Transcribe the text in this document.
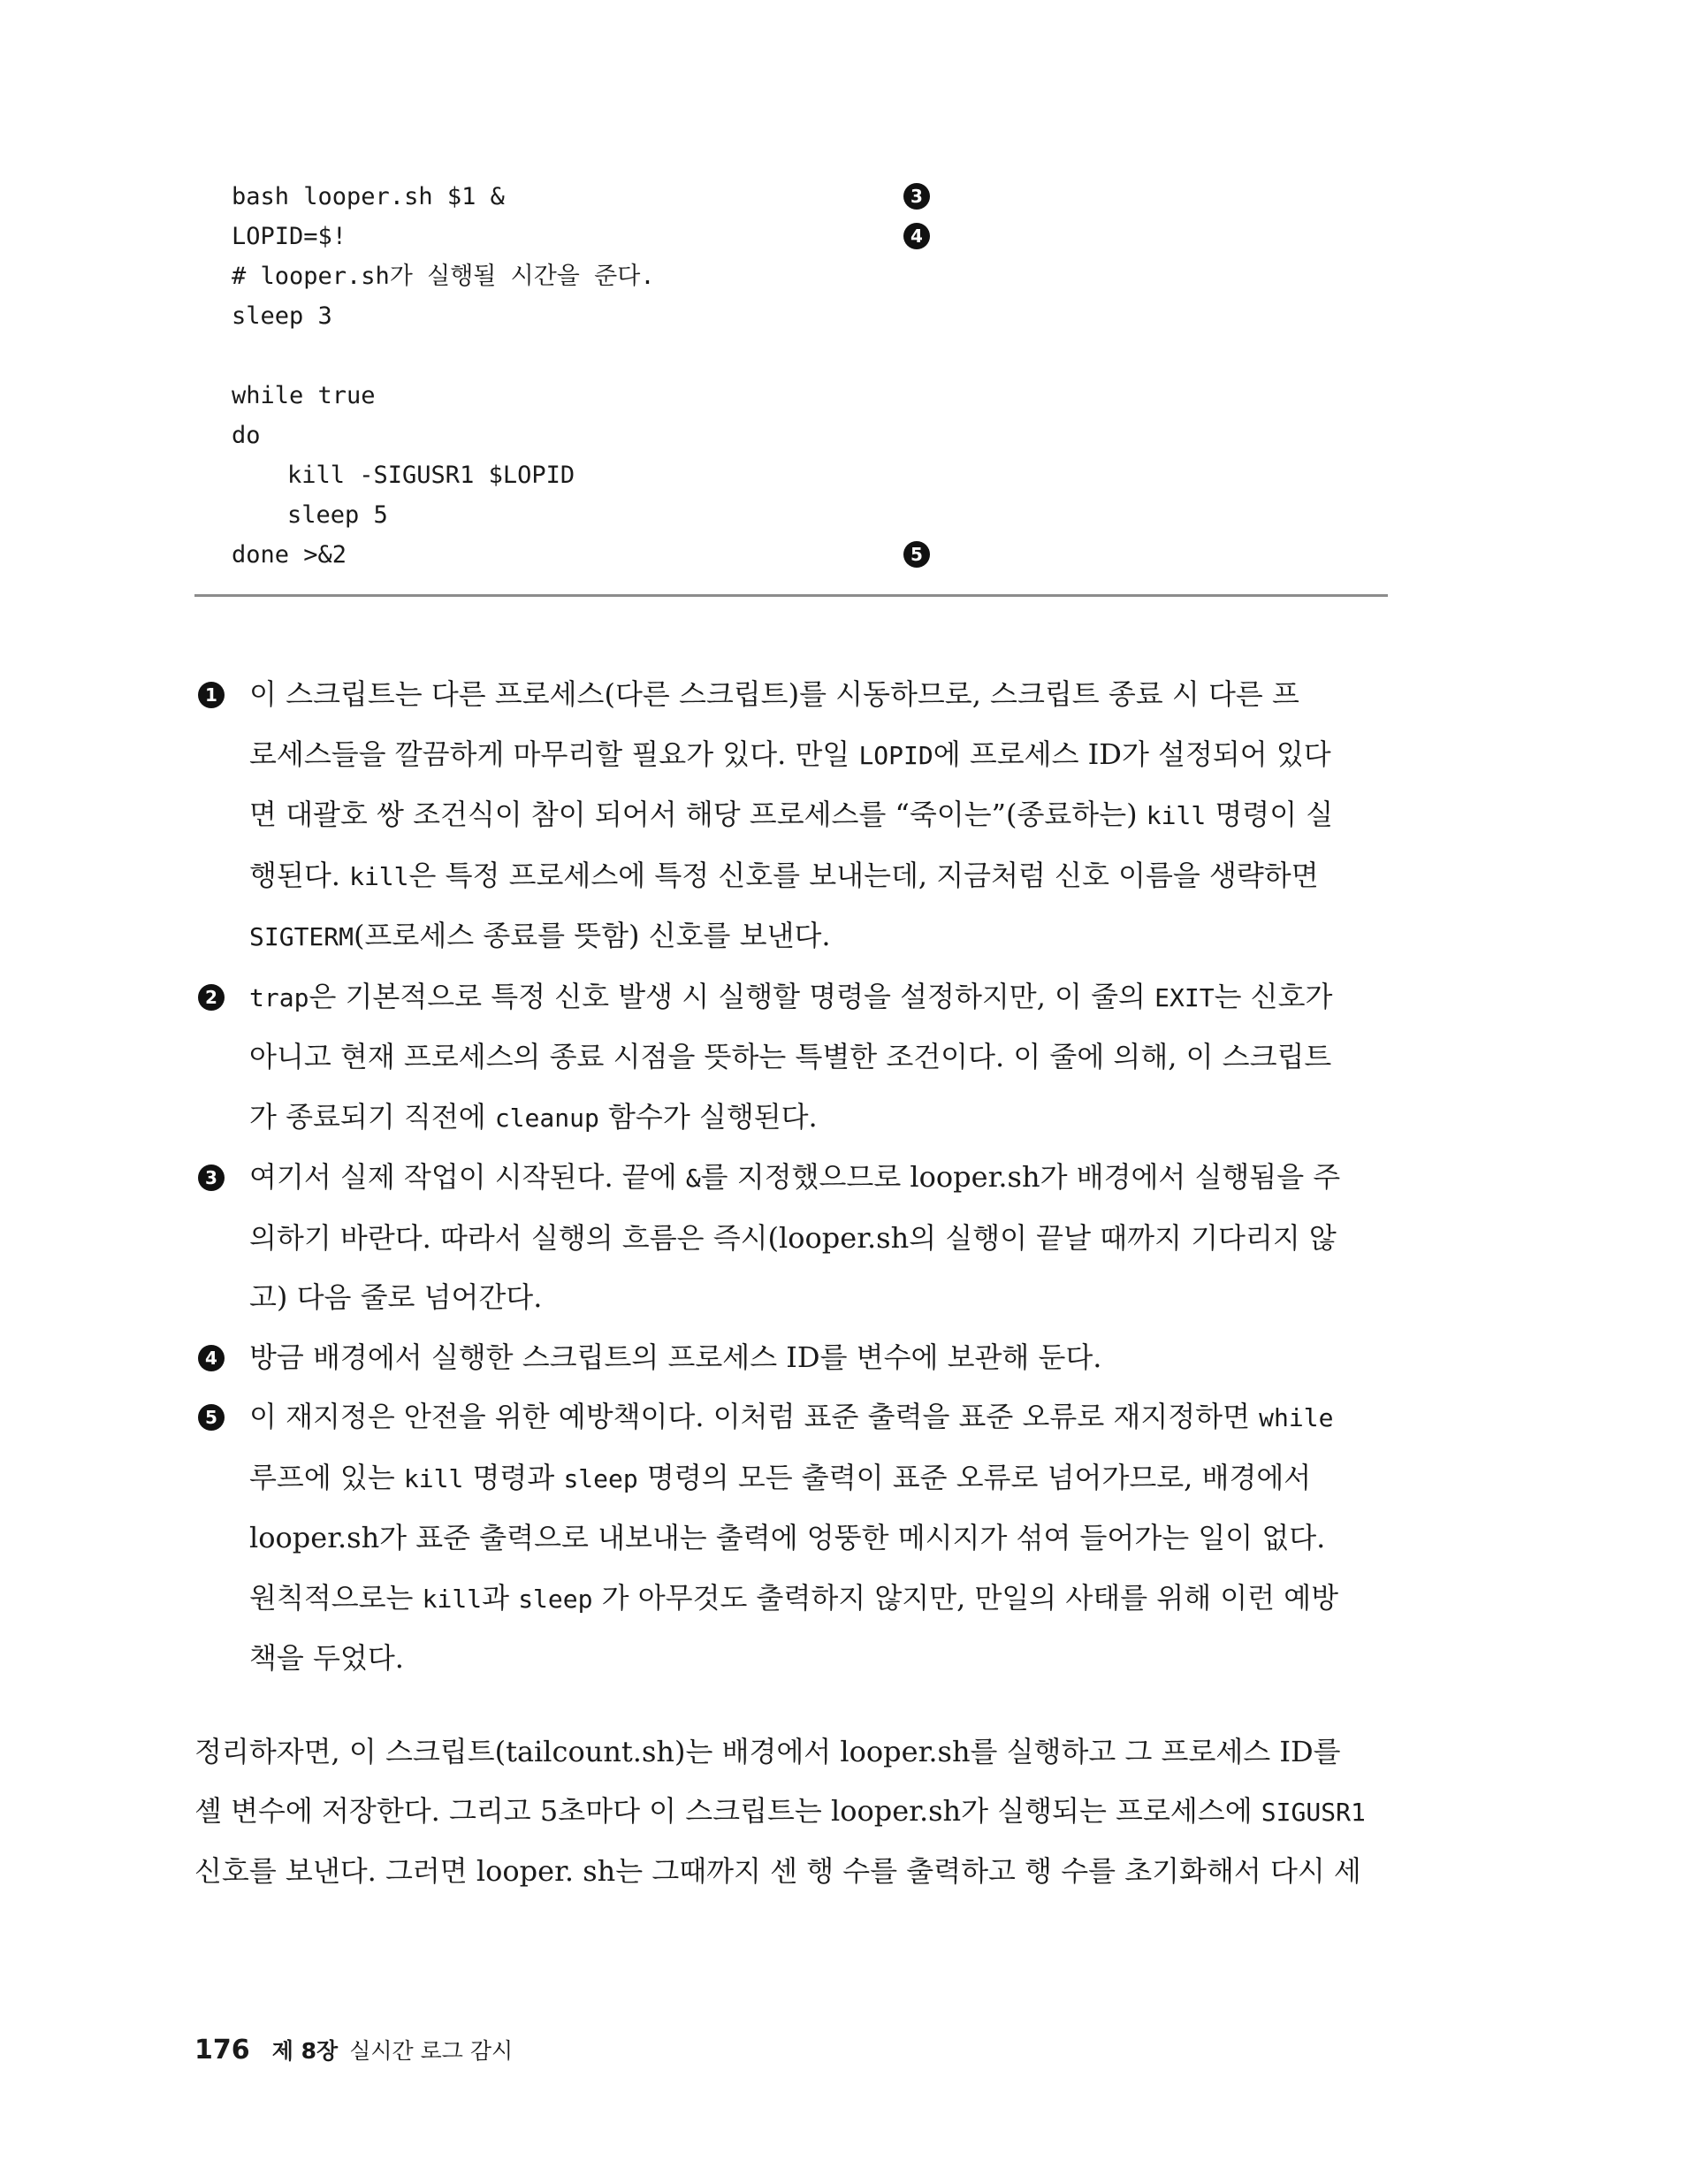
bash looper.sh $1 &	3
LOPID=$!	4
# looper.sh가 실행될 시간을 준다.
sleep 3
while true
do
kill -SIGUSR1 $LOPID
sleep 5
done >&2	5
1 이 스크립트는 다른 프로세스(다른 스크립트)를 시동하므로, 스크립트 종료 시 다른 프
로세스들을 깔끔하게 마무리할 필요가 있다. 만일 LOPID에 프로세스 ID가 설정되어 있다
면 대괄호 쌍 조건식이 참이 되어서 해당 프로세스를 “죽이는”(종료하는) kill 명령이 실
행된다. kill은 특정 프로세스에 특정 신호를 보내는데, 지금처럼 신호 이름을 생략하면
SIGTERM(프로세스 종료를 뜻함) 신호를 보낸다.
2 trap은 기본적으로 특정 신호 발생 시 실행할 명령을 설정하지만, 이 줄의 EXIT는 신호가
아니고 현재 프로세스의 종료 시점을 뜻하는 특별한 조건이다. 이 줄에 의해, 이 스크립트
가 종료되기 직전에 cleanup 함수가 실행된다.
3 여기서 실제 작업이 시작된다. 끝에 &를 지정했으므로 looper.sh가 배경에서 실행됨을 주
의하기 바란다. 따라서 실행의 흐름은 즉시(looper.sh의 실행이 끝날 때까지 기다리지 않
고) 다음 줄로 넘어간다.
4 방금 배경에서 실행한 스크립트의 프로세스 ID를 변수에 보관해 둔다.
5 이 재지정은 안전을 위한 예방책이다. 이처럼 표준 출력을 표준 오류로 재지정하면 while
루프에 있는 kill 명령과 sleep 명령의 모든 출력이 표준 오류로 넘어가므로, 배경에서
looper.sh가 표준 출력으로 내보내는 출력에 엉뚱한 메시지가 섞여 들어가는 일이 없다.
원칙적으로는 kill과 sleep 가 아무것도 출력하지 않지만, 만일의 사태를 위해 이런 예방
책을 두었다.
정리하자면, 이 스크립트(tailcount.sh)는 배경에서 looper.sh를 실행하고 그 프로세스 ID를
셸 변수에 저장한다. 그리고 5초마다 이 스크립트는 looper.sh가 실행되는 프로세스에 SIGUSR1
신호를 보낸다. 그러면 looper. sh는 그때까지 센 행 수를 출력하고 행 수를 초기화해서 다시 세
176 제 8장 실시간 로그 감시
